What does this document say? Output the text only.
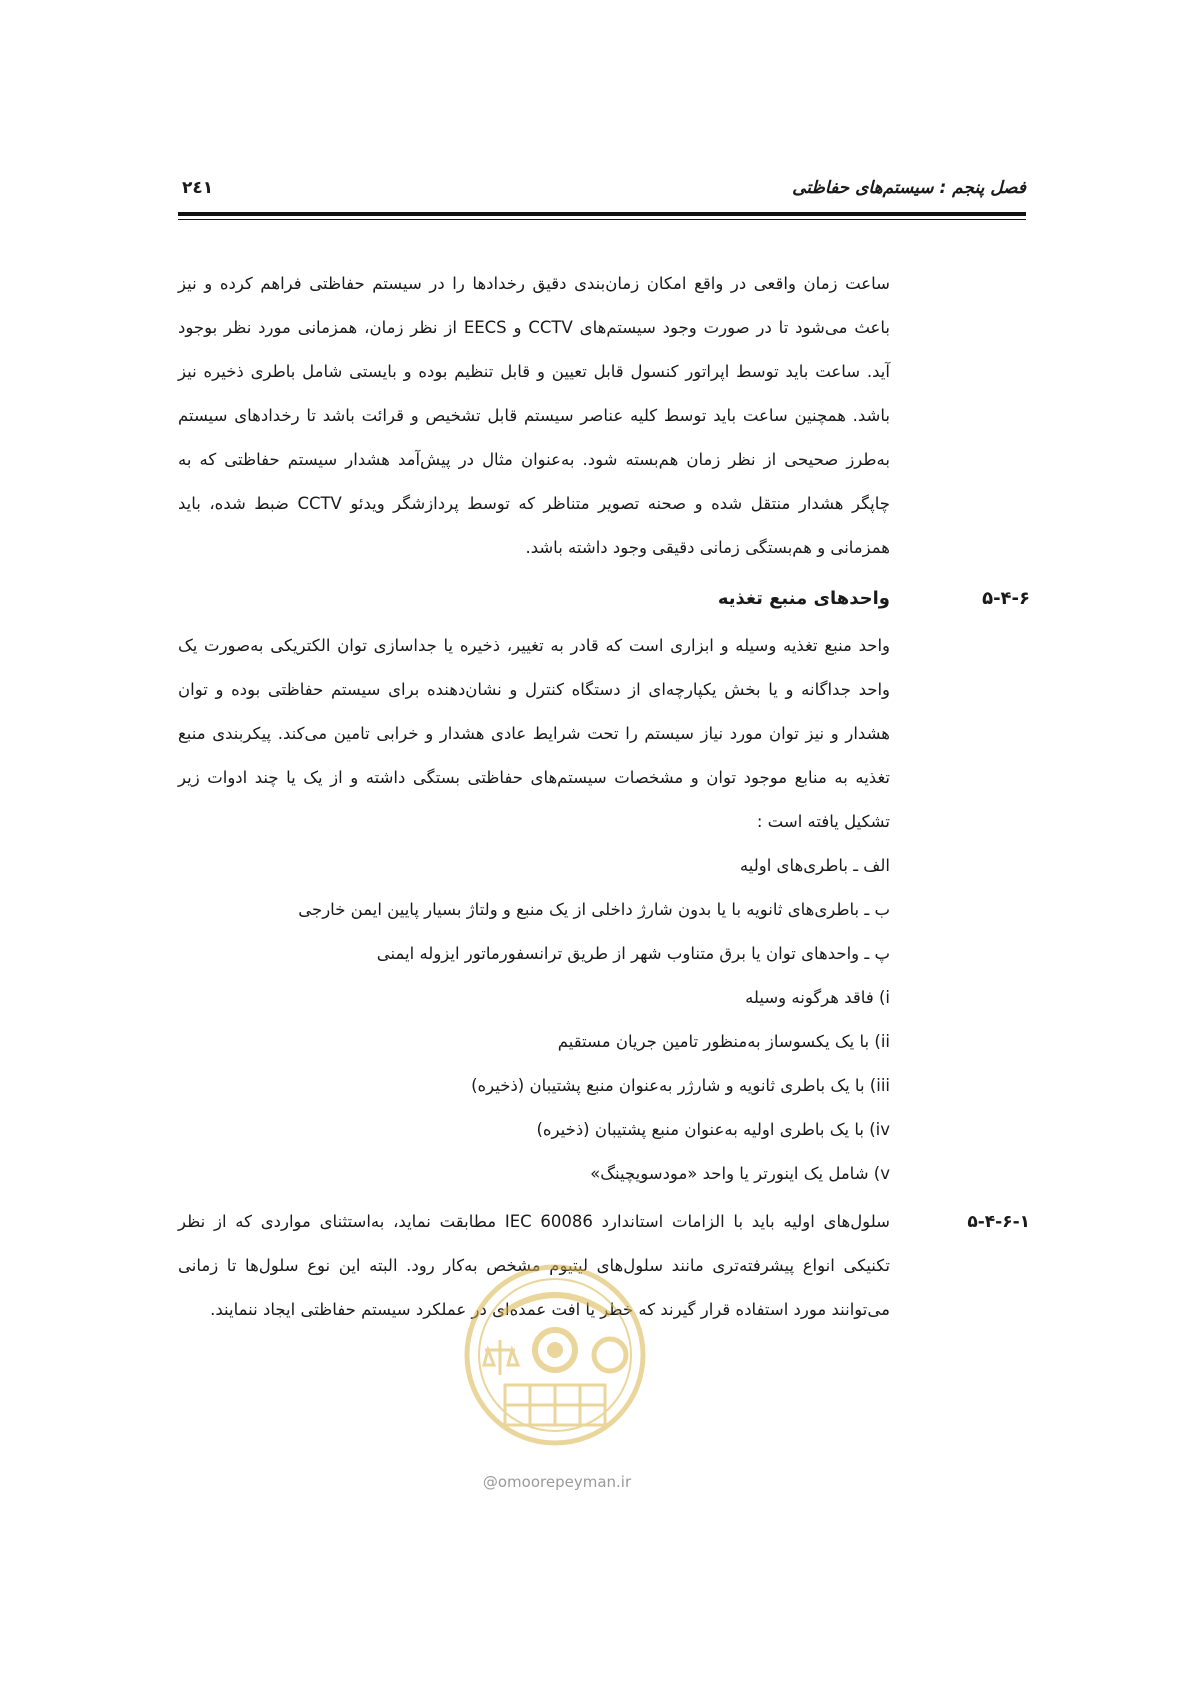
فصل پنجم : سیستم‌های حفاظتی
۲٤۱

ساعت زمان واقعی در واقع امکان زمان‌بندی دقیق رخدادها را در سیستم حفاظتی فراهم کرده و نیز باعث می‌شود تا در صورت وجود سیستم‌های CCTV و EECS از نظر زمان، همزمانی مورد نظر بوجود آید. ساعت باید توسط اپراتور کنسول قابل تعیین و قابل تنظیم بوده و بایستی شامل باطری ذخیره نیز باشد. همچنین ساعت باید توسط کلیه عناصر سیستم قابل تشخیص و قرائت باشد تا رخدادهای سیستم به‌طرز صحیحی از نظر زمان هم‌بسته شود. به‌عنوان مثال در پیش‌آمد هشدار سیستم حفاظتی که به چاپگر هشدار منتقل شده و صحنه تصویر متناظر که توسط پردازشگر ویدئو CCTV ضبط شده، باید همزمانی و هم‌بستگی زمانی دقیقی وجود داشته باشد.

۵-۴-۶
واحدهای منبع تغذیه

واحد منبع تغذیه وسیله و ابزاری است که قادر به تغییر، ذخیره یا جداسازی توان الکتریکی به‌صورت یک واحد جداگانه و یا بخش یکپارچه‌ای از دستگاه کنترل و نشان‌دهنده برای سیستم حفاظتی بوده و توان هشدار و نیز توان مورد نیاز سیستم را تحت شرایط عادی هشدار و خرابی تامین می‌کند. پیکربندی منبع تغذیه به منابع موجود توان و مشخصات سیستم‌های حفاظتی بستگی داشته و از یک یا چند ادوات زیر تشکیل یافته است :

الف ـ باطری‌های اولیه

ب ـ باطری‌های ثانویه با یا بدون شارژ داخلی از یک منبع و ولتاژ بسیار پایین ایمن خارجی

پ ـ واحدهای توان یا برق متناوب شهر از طریق ترانسفورماتور ایزوله ایمنی

i) فاقد هرگونه وسیله

ii) با یک یکسوساز به‌منظور تامین جریان مستقیم

iii) با یک باطری ثانویه و شارژر به‌عنوان منبع پشتیبان (ذخیره)

iv) با یک باطری اولیه به‌عنوان منبع پشتیبان (ذخیره)

v) شامل یک اینورتر یا واحد «مودسویچینگ»

۵-۴-۶-۱

سلول‌های اولیه باید با الزامات استاندارد IEC 60086 مطابقت نماید، به‌استثنای مواردی که از نظر تکنیکی انواع پیشرفته‌تری مانند سلول‌های لیتیوم مشخص به‌کار رود. البته این نوع سلول‌ها تا زمانی می‌توانند مورد استفاده قرار گیرند که خطر یا افت عمده‌ای در عملکرد سیستم حفاظتی ایجاد ننمایند.

@omoorepeyman.ir
